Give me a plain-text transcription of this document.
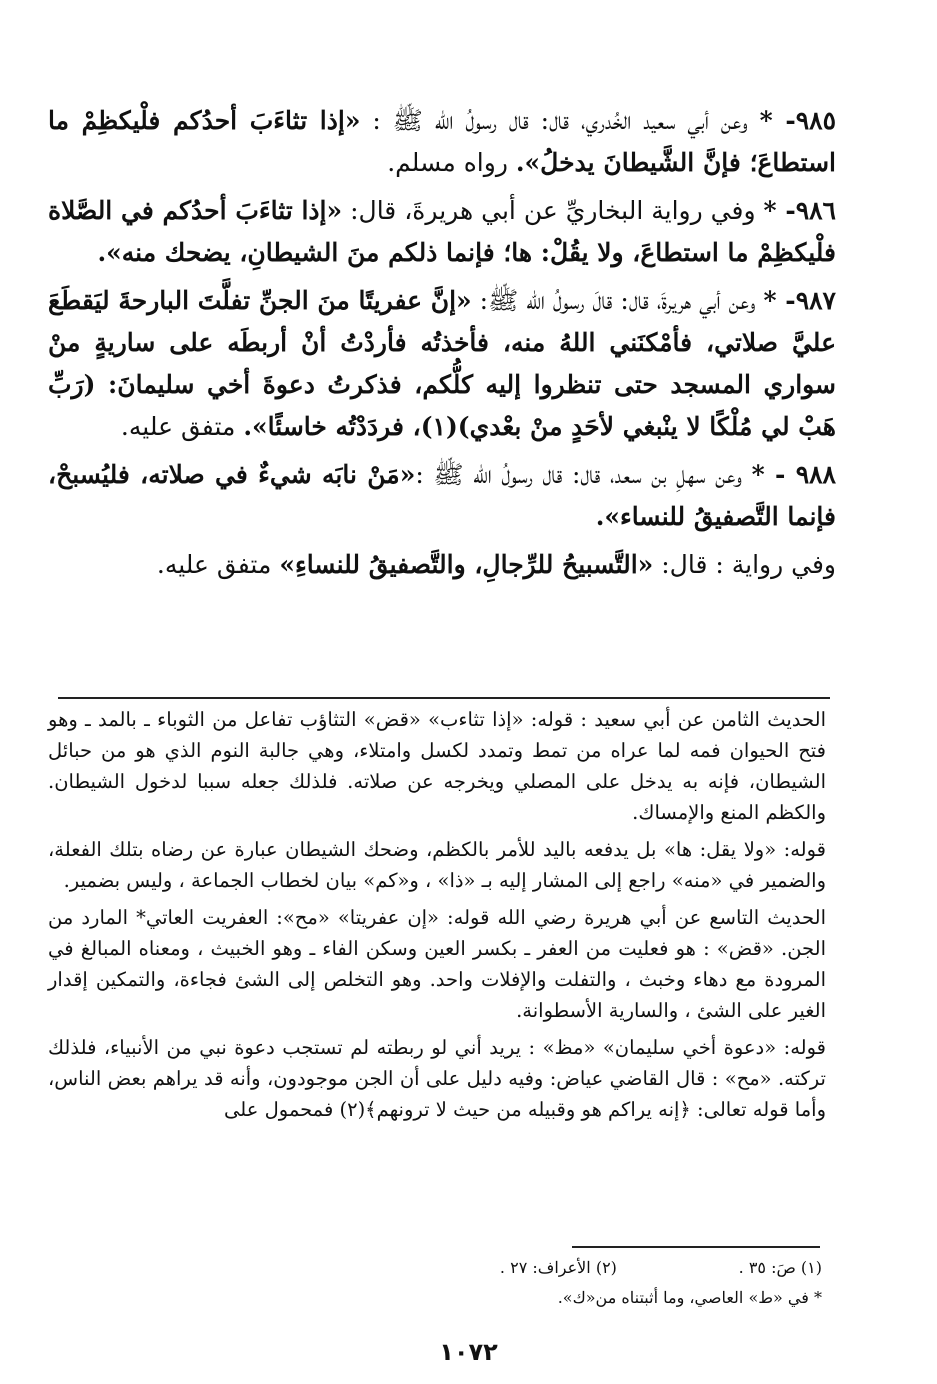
٩٨٥- * وعن أبي سعيد الخُدري، قال: قال رسولُ الله ﷺ : «إذا تثاءَبَ أحدُكم فلْيكظِمْ ما استطاعَ؛ فإنَّ الشَّيطانَ يدخلُ». رواه مسلم.

٩٨٦- * وفي رواية البخاريِّ عن أبي هريرةَ، قال: «إذا تثاءَبَ أحدُكم في الصَّلاة فلْيكظِمْ ما استطاعَ، ولا يقُلْ: ها؛ فإنما ذلكم منَ الشيطانِ، يضحك منه».

٩٨٧- * وعن أبي هريرةَ، قال: قالَ رسولُ الله ﷺ: «إنَّ عفريتًا منَ الجنِّ تفلَّتَ البارحةَ ليَقطَعَ عليَّ صلاتي، فأمْكنَني اللهُ منه، فأخذتُه فأردْتُ أنْ أربطَه على ساريةٍ منْ سواري المسجد حتى تنظروا إليه كلُّكم، فذكرتُ دعوةَ أخي سليمانَ: (رَبِّ هَبْ لي مُلْكًا لا ينْبغي لأحَدٍ منْ بعْدي)(١)، فردَدْتُه خاسئًا». متفق عليه.

٩٨٨ - * وعن سهلِ بن سعد، قال: قال رسولُ الله ﷺ :«مَنْ نابَه شيءٌ في صلاته، فليُسبحْ، فإنما التَّصفيقُ للنساء».

وفي رواية : قال: «التَّسبيحُ للرِّجالِ، والتَّصفيقُ للنساءِ» متفق عليه.

الحديث الثامن عن أبي سعيد : قوله: «إذا تثاءب» «قض» التثاؤب تفاعل من الثوباء ـ بالمد ـ وهو فتح الحيوان فمه لما عراه من تمط وتمدد لكسل وامتلاء، وهي جالبة النوم الذي هو من حبائل الشيطان، فإنه به يدخل على المصلي ويخرجه عن صلاته. فلذلك جعله سببا لدخول الشيطان. والكظم المنع والإمساك.

قوله: «ولا يقل: ها» بل يدفعه باليد للأمر بالكظم، وضحك الشيطان عبارة عن رضاه بتلك الفعلة، والضمير في «منه» راجع إلى المشار إليه بـ «ذا» ، و«كم» بيان لخطاب الجماعة ، وليس بضمير.

الحديث التاسع عن أبي هريرة رضي الله قوله: «إن عفريتا» «مح»: العفريت العاتي* المارد من الجن. «قض» : هو فعليت من العفر ـ بكسر العين وسكن الفاء ـ وهو الخبيث ، ومعناه المبالغ في المرودة مع دهاء وخبث ، والتفلت والإفلات واحد. وهو التخلص إلى الشئ فجاءة، والتمكين إقدار الغير على الشئ ، والسارية الأسطوانة.

قوله: «دعوة أخي سليمان» «مظ» : يريد أني لو ربطته لم تستجب دعوة نبي من الأنبياء، فلذلك تركته. «مح» : قال القاضي عياض: وفيه دليل على أن الجن موجودون، وأنه قد يراهم بعض الناس، وأما قوله تعالى: ﴿إنه يراكم هو وقبيله من حيث لا ترونهم﴾(٢) فمحمول على

(١) صَ: ٣٥ . (٢) الأعراف: ٢٧ .
* في «ط» العاصي، وما أثبتناه من«ك».
١٠٧٢
